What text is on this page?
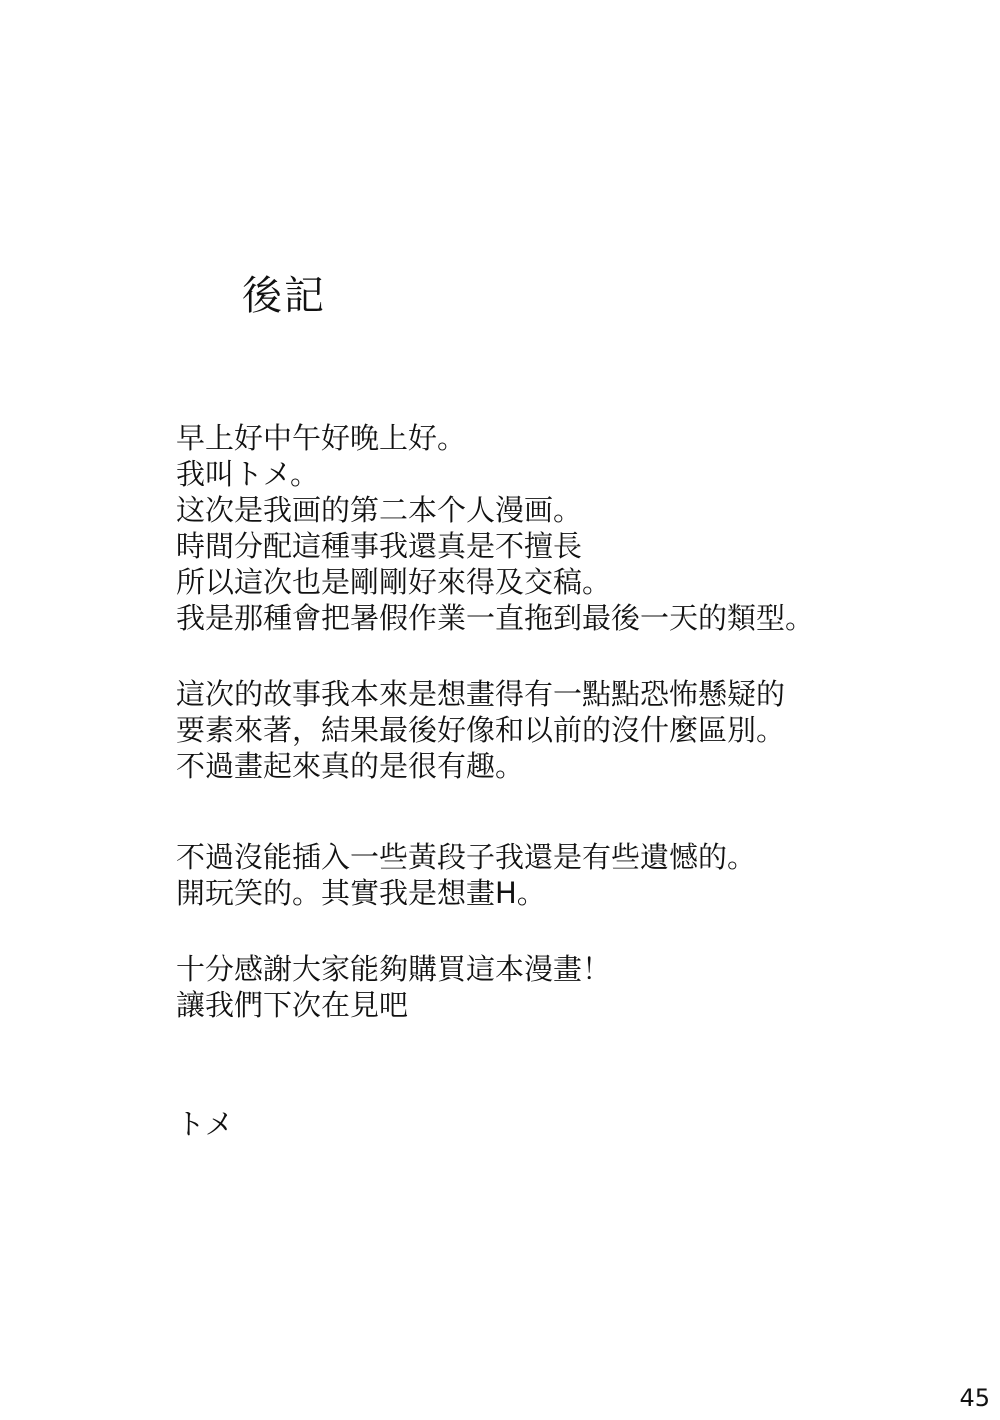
後記
早上好中午好晚上好。
我叫トメ。
这次是我画的第二本个人漫画。
時間分配這種事我還真是不擅長
所以這次也是剛剛好來得及交稿。
我是那種會把暑假作業一直拖到最後一天的類型。
這次的故事我本來是想畫得有一點點恐怖懸疑的
要素來著，結果最後好像和以前的沒什麼區別。
不過畫起來真的是很有趣。
不過沒能插入一些黃段子我還是有些遺憾的。
開玩笑的。其實我是想畫H。
十分感謝大家能夠購買這本漫畫！
讓我們下次在見吧
トメ
45
